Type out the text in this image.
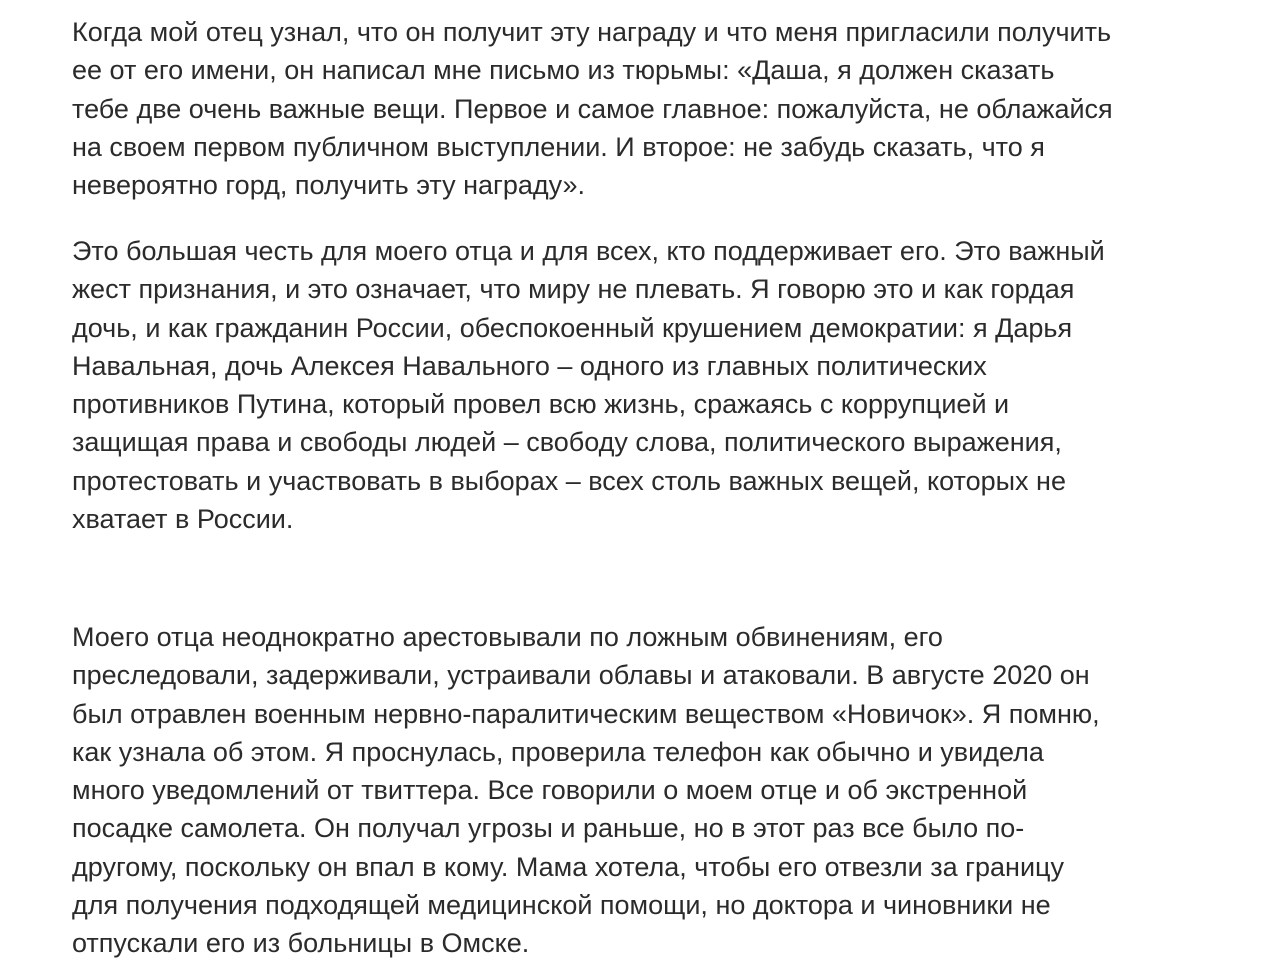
Когда мой отец узнал, что он получит эту награду и что меня пригласили получить
ее от его имени, он написал мне письмо из тюрьмы: «Даша, я должен сказать
тебе две очень важные вещи. Первое и самое главное: пожалуйста, не облажайся
на своем первом публичном выступлении. И второе: не забудь сказать, что я
невероятно горд, получить эту награду».

Это большая честь для моего отца и для всех, кто поддерживает его. Это важный
жест признания, и это означает, что миру не плевать. Я говорю это и как гордая
дочь, и как гражданин России, обеспокоенный крушением демократии: я Дарья
Навальная, дочь Алексея Навального – одного из главных политических
противников Путина, который провел всю жизнь, сражаясь с коррупцией и
защищая права и свободы людей – свободу слова, политического выражения,
протестовать и участвовать в выборах – всех столь важных вещей, которых не
хватает в России.

Моего отца неоднократно арестовывали по ложным обвинениям, его
преследовали, задерживали, устраивали облавы и атаковали. В августе 2020 он
был отравлен военным нервно-паралитическим веществом «Новичок». Я помню,
как узнала об этом. Я проснулась, проверила телефон как обычно и увидела
много уведомлений от твиттера. Все говорили о моем отце и об экстренной
посадке самолета. Он получал угрозы и раньше, но в этот раз все было по-
другому, поскольку он впал в кому. Мама хотела, чтобы его отвезли за границу
для получения подходящей медицинской помощи, но доктора и чиновники не
отпускали его из больницы в Омске.
